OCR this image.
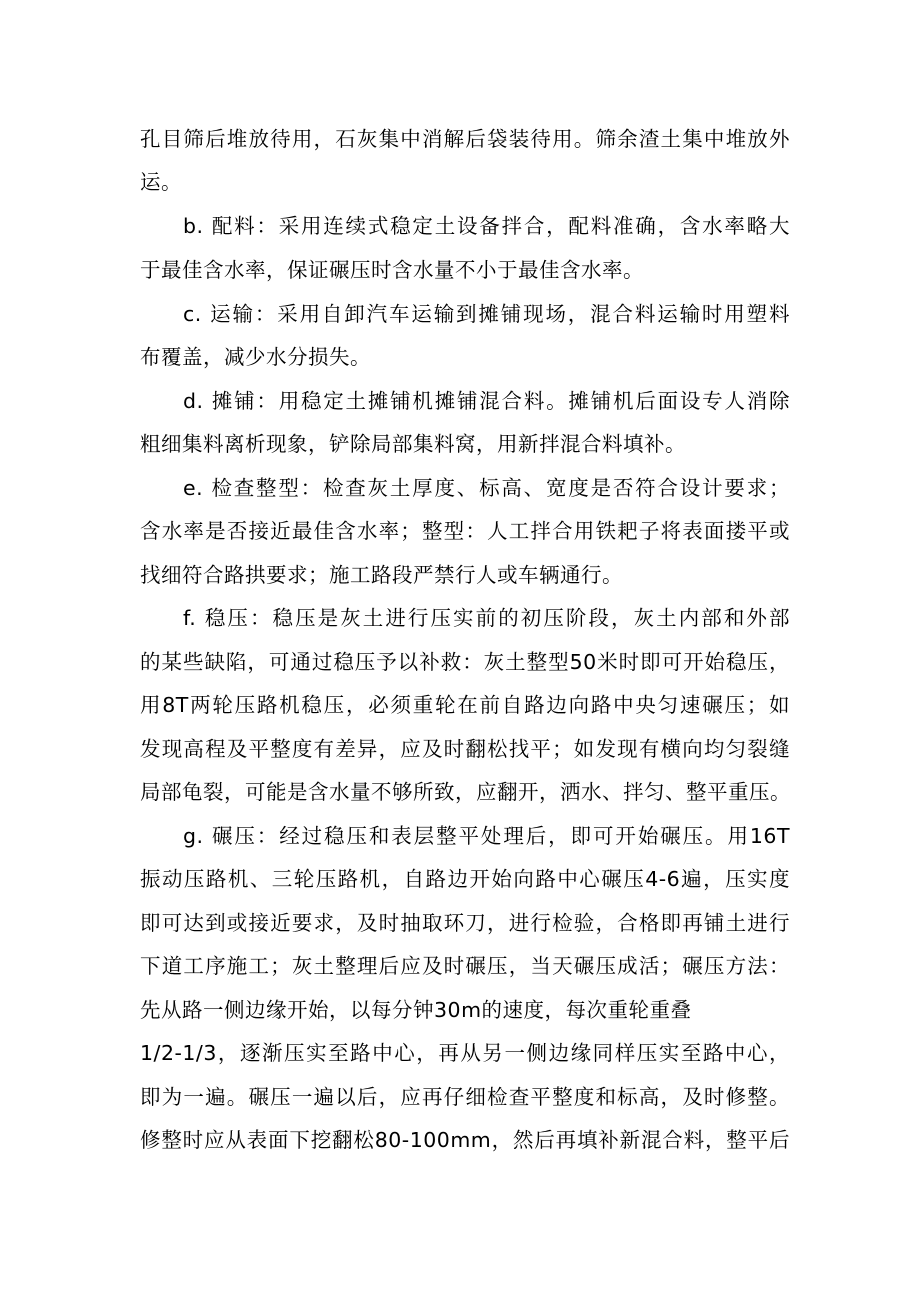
孔目筛后堆放待用，石灰集中消解后袋装待用。筛余渣土集中堆放外
运。
b. 配料：采用连续式稳定土设备拌合，配料准确，含水率略大
于最佳含水率，保证碾压时含水量不小于最佳含水率。
c. 运输：采用自卸汽车运输到摊铺现场，混合料运输时用塑料
布覆盖，减少水分损失。
d. 摊铺：用稳定土摊铺机摊铺混合料。摊铺机后面设专人消除
粗细集料离析现象，铲除局部集料窝，用新拌混合料填补。
e. 检查整型：检查灰土厚度、标高、宽度是否符合设计要求；
含水率是否接近最佳含水率；整型：人工拌合用铁耙子将表面搂平或
找细符合路拱要求；施工路段严禁行人或车辆通行。
f. 稳压：稳压是灰土进行压实前的初压阶段，灰土内部和外部
的某些缺陷，可通过稳压予以补救：灰土整型50米时即可开始稳压，
用8T两轮压路机稳压，必须重轮在前自路边向路中央匀速碾压；如
发现高程及平整度有差异，应及时翻松找平；如发现有横向均匀裂缝
局部龟裂，可能是含水量不够所致，应翻开，洒水、拌匀、整平重压。
g. 碾压：经过稳压和表层整平处理后，即可开始碾压。用16T
振动压路机、三轮压路机，自路边开始向路中心碾压4-6遍，压实度
即可达到或接近要求，及时抽取环刀，进行检验，合格即再铺土进行
下道工序施工；灰土整理后应及时碾压，当天碾压成活；碾压方法：
先从路一侧边缘开始，以每分钟30m的速度，每次重轮重叠
1/2-1/3，逐渐压实至路中心，再从另一侧边缘同样压实至路中心，
即为一遍。碾压一遍以后，应再仔细检查平整度和标高，及时修整。
修整时应从表面下挖翻松80-100mm，然后再填补新混合料，整平后
